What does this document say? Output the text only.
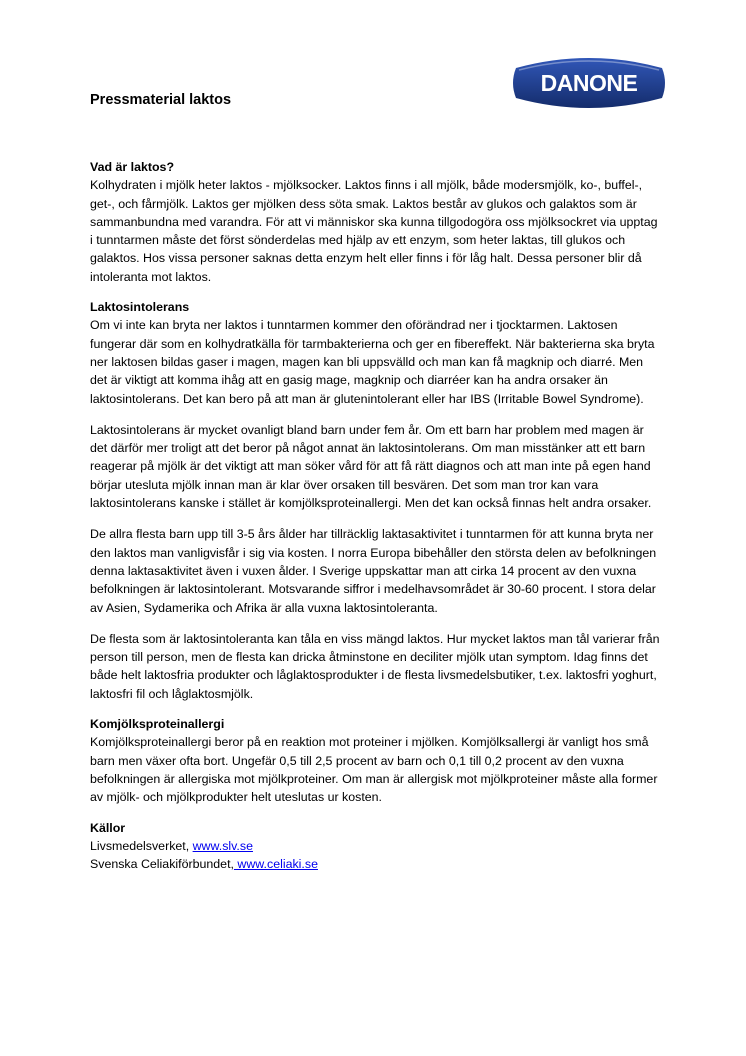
Pressmaterial laktos
DANONE

Vad är laktos?

Kolhydraten i mjölk heter laktos - mjölksocker. Laktos finns i all mjölk, både modersmjölk, ko-, buffel-, get-, och fårmjölk. Laktos ger mjölken dess söta smak. Laktos består av glukos och galaktos som är sammanbundna med varandra. För att vi människor ska kunna tillgodogöra oss mjölksockret via upptag i tunntarmen måste det först sönderdelas med hjälp av ett enzym, som heter laktas, till glukos och galaktos. Hos vissa personer saknas detta enzym helt eller finns i för låg halt. Dessa personer blir då intoleranta mot laktos.

Laktosintolerans

Om vi inte kan bryta ner laktos i tunntarmen kommer den oförändrad ner i tjocktarmen. Laktosen fungerar där som en kolhydratkälla för tarmbakterierna och ger en fibereffekt. När bakterierna ska bryta ner laktosen bildas gaser i magen, magen kan bli uppsvälld och man kan få magknip och diarré. Men det är viktigt att komma ihåg att en gasig mage, magknip och diarréer kan ha andra orsaker än laktosintolerans. Det kan bero på att man är glutenintolerant eller har IBS (Irritable Bowel Syndrome).

Laktosintolerans är mycket ovanligt bland barn under fem år. Om ett barn har problem med magen är det därför mer troligt att det beror på något annat än laktosintolerans. Om man misstänker att ett barn reagerar på mjölk är det viktigt att man söker vård för att få rätt diagnos och att man inte på egen hand börjar utesluta mjölk innan man är klar över orsaken till besvären. Det som man tror kan vara laktosintolerans kanske i stället är komjölksproteinallergi. Men det kan också finnas helt andra orsaker.

De allra flesta barn upp till 3-5 års ålder har tillräcklig laktasaktivitet i tunntarmen för att kunna bryta ner den laktos man vanligvisfår i sig via kosten. I norra Europa bibehåller den största delen av befolkningen denna laktasaktivitet även i vuxen ålder. I Sverige uppskattar man att cirka 14 procent av den vuxna befolkningen är laktosintolerant. Motsvarande siffror i medelhavsområdet är 30-60 procent. I stora delar av Asien, Sydamerika och Afrika är alla vuxna laktosintoleranta.

De flesta som är laktosintoleranta kan tåla en viss mängd laktos. Hur mycket laktos man tål varierar från person till person, men de flesta kan dricka åtminstone en deciliter mjölk utan symptom. Idag finns det både helt laktosfria produkter och låglaktosprodukter i de flesta livsmedelsbutiker, t.ex. laktosfri yoghurt, laktosfri fil och låglaktosmjölk.

Komjölksproteinallergi

Komjölksproteinallergi beror på en reaktion mot proteiner i mjölken. Komjölksallergi är vanligt hos små barn men växer ofta bort. Ungefär 0,5 till 2,5 procent av barn och 0,1 till 0,2 procent av den vuxna befolkningen är allergiska mot mjölkproteiner. Om man är allergisk mot mjölkproteiner måste alla former av mjölk- och mjölkprodukter helt uteslutas ur kosten.

Källor

Livsmedelsverket, www.slv.se
Svenska Celiakiförbundet, www.celiaki.se
